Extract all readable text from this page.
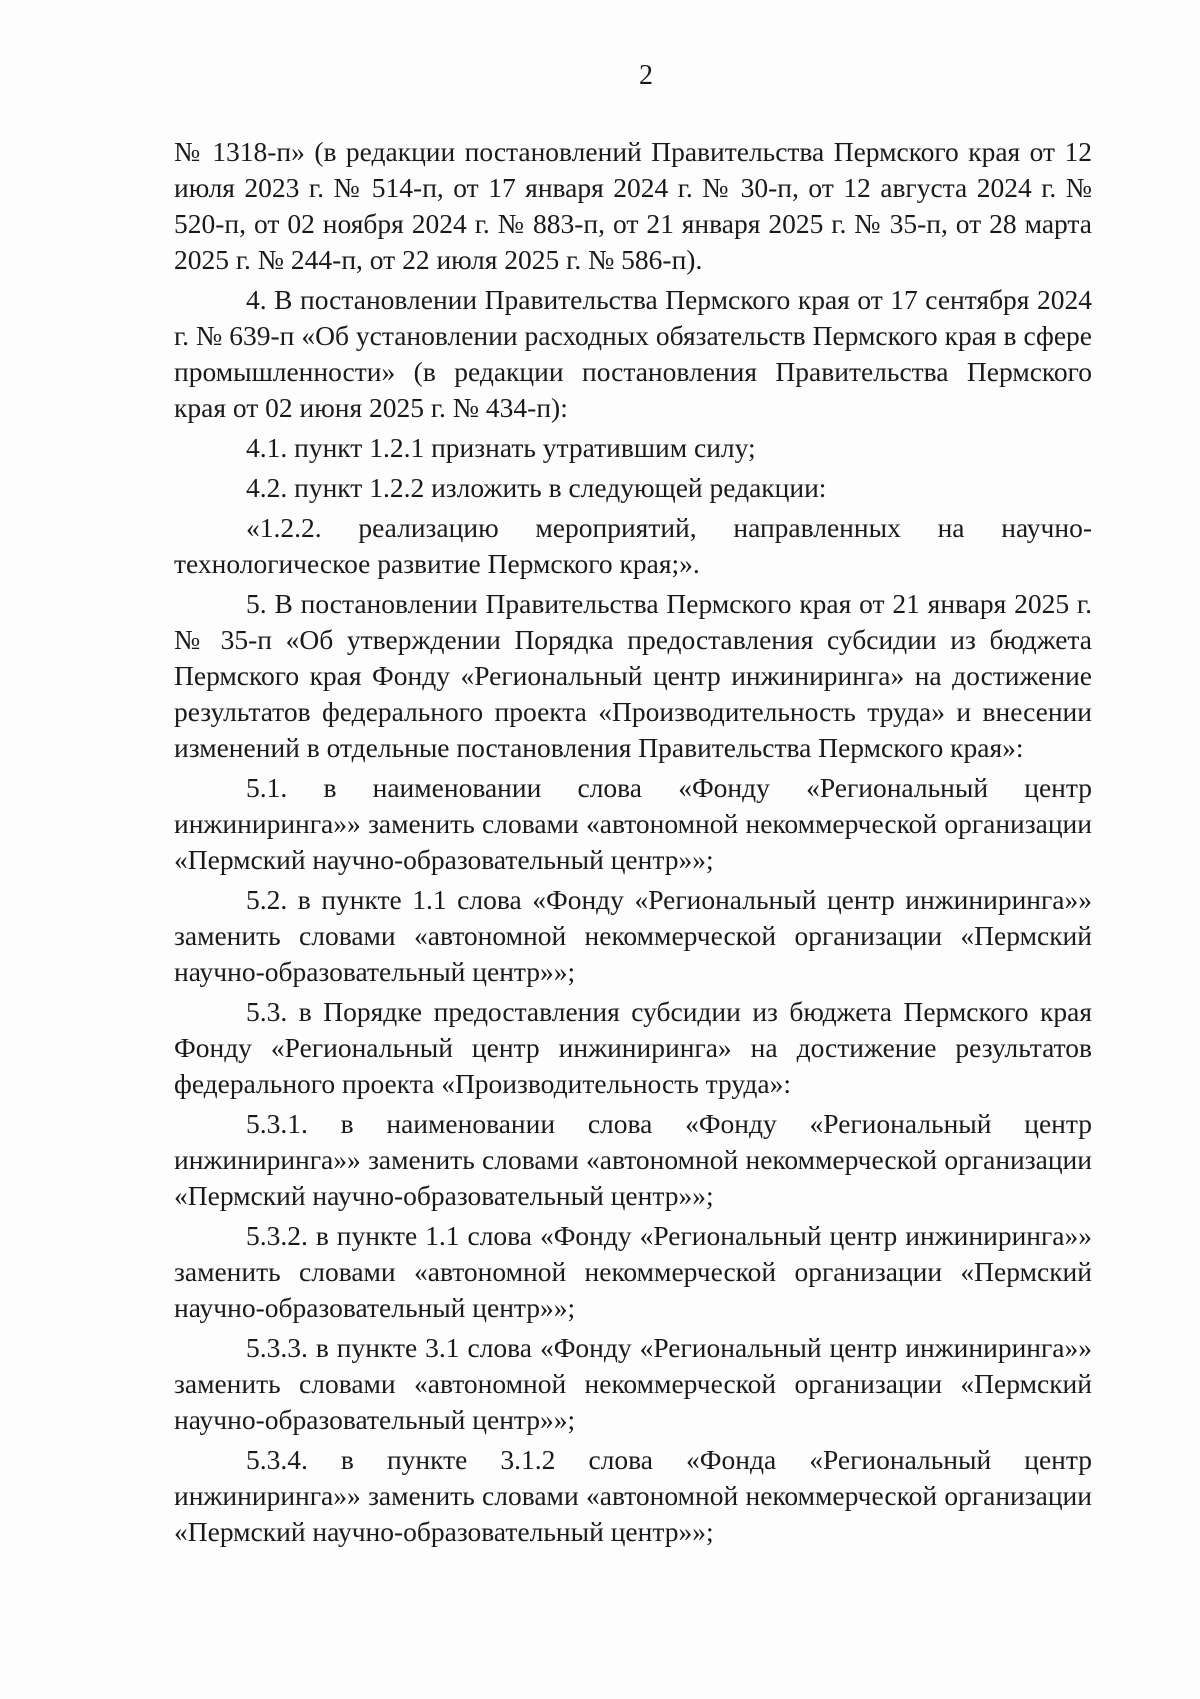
2

№ 1318-п» (в редакции постановлений Правительства Пермского края от 12 июля 2023 г. № 514-п, от 17 января 2024 г. № 30-п, от 12 августа 2024 г. № 520-п, от 02 ноября 2024 г. № 883-п, от 21 января 2025 г. № 35-п, от 28 марта 2025 г. № 244-п, от 22 июля 2025 г. № 586-п).

4. В постановлении Правительства Пермского края от 17 сентября 2024 г. № 639-п «Об установлении расходных обязательств Пермского края в сфере промышленности» (в редакции постановления Правительства Пермского края от 02 июня 2025 г. № 434-п):

4.1. пункт 1.2.1 признать утратившим силу;

4.2. пункт 1.2.2 изложить в следующей редакции:

«1.2.2. реализацию мероприятий, направленных на научно-технологическое развитие Пермского края;».

5. В постановлении Правительства Пермского края от 21 января 2025 г. № 35-п «Об утверждении Порядка предоставления субсидии из бюджета Пермского края Фонду «Региональный центр инжиниринга» на достижение результатов федерального проекта «Производительность труда» и внесении изменений в отдельные постановления Правительства Пермского края»:

5.1. в наименовании слова «Фонду «Региональный центр инжиниринга»» заменить словами «автономной некоммерческой организации «Пермский научно-образовательный центр»»;

5.2. в пункте 1.1 слова «Фонду «Региональный центр инжиниринга»» заменить словами «автономной некоммерческой организации «Пермский научно-образовательный центр»»;

5.3. в Порядке предоставления субсидии из бюджета Пермского края Фонду «Региональный центр инжиниринга» на достижение результатов федерального проекта «Производительность труда»:

5.3.1. в наименовании слова «Фонду «Региональный центр инжиниринга»» заменить словами «автономной некоммерческой организации «Пермский научно-образовательный центр»»;

5.3.2. в пункте 1.1 слова «Фонду «Региональный центр инжиниринга»» заменить словами «автономной некоммерческой организации «Пермский научно-образовательный центр»»;

5.3.3. в пункте 3.1 слова «Фонду «Региональный центр инжиниринга»» заменить словами «автономной некоммерческой организации «Пермский научно-образовательный центр»»;

5.3.4. в пункте 3.1.2 слова «Фонда «Региональный центр инжиниринга»» заменить словами «автономной некоммерческой организации «Пермский научно-образовательный центр»»;
